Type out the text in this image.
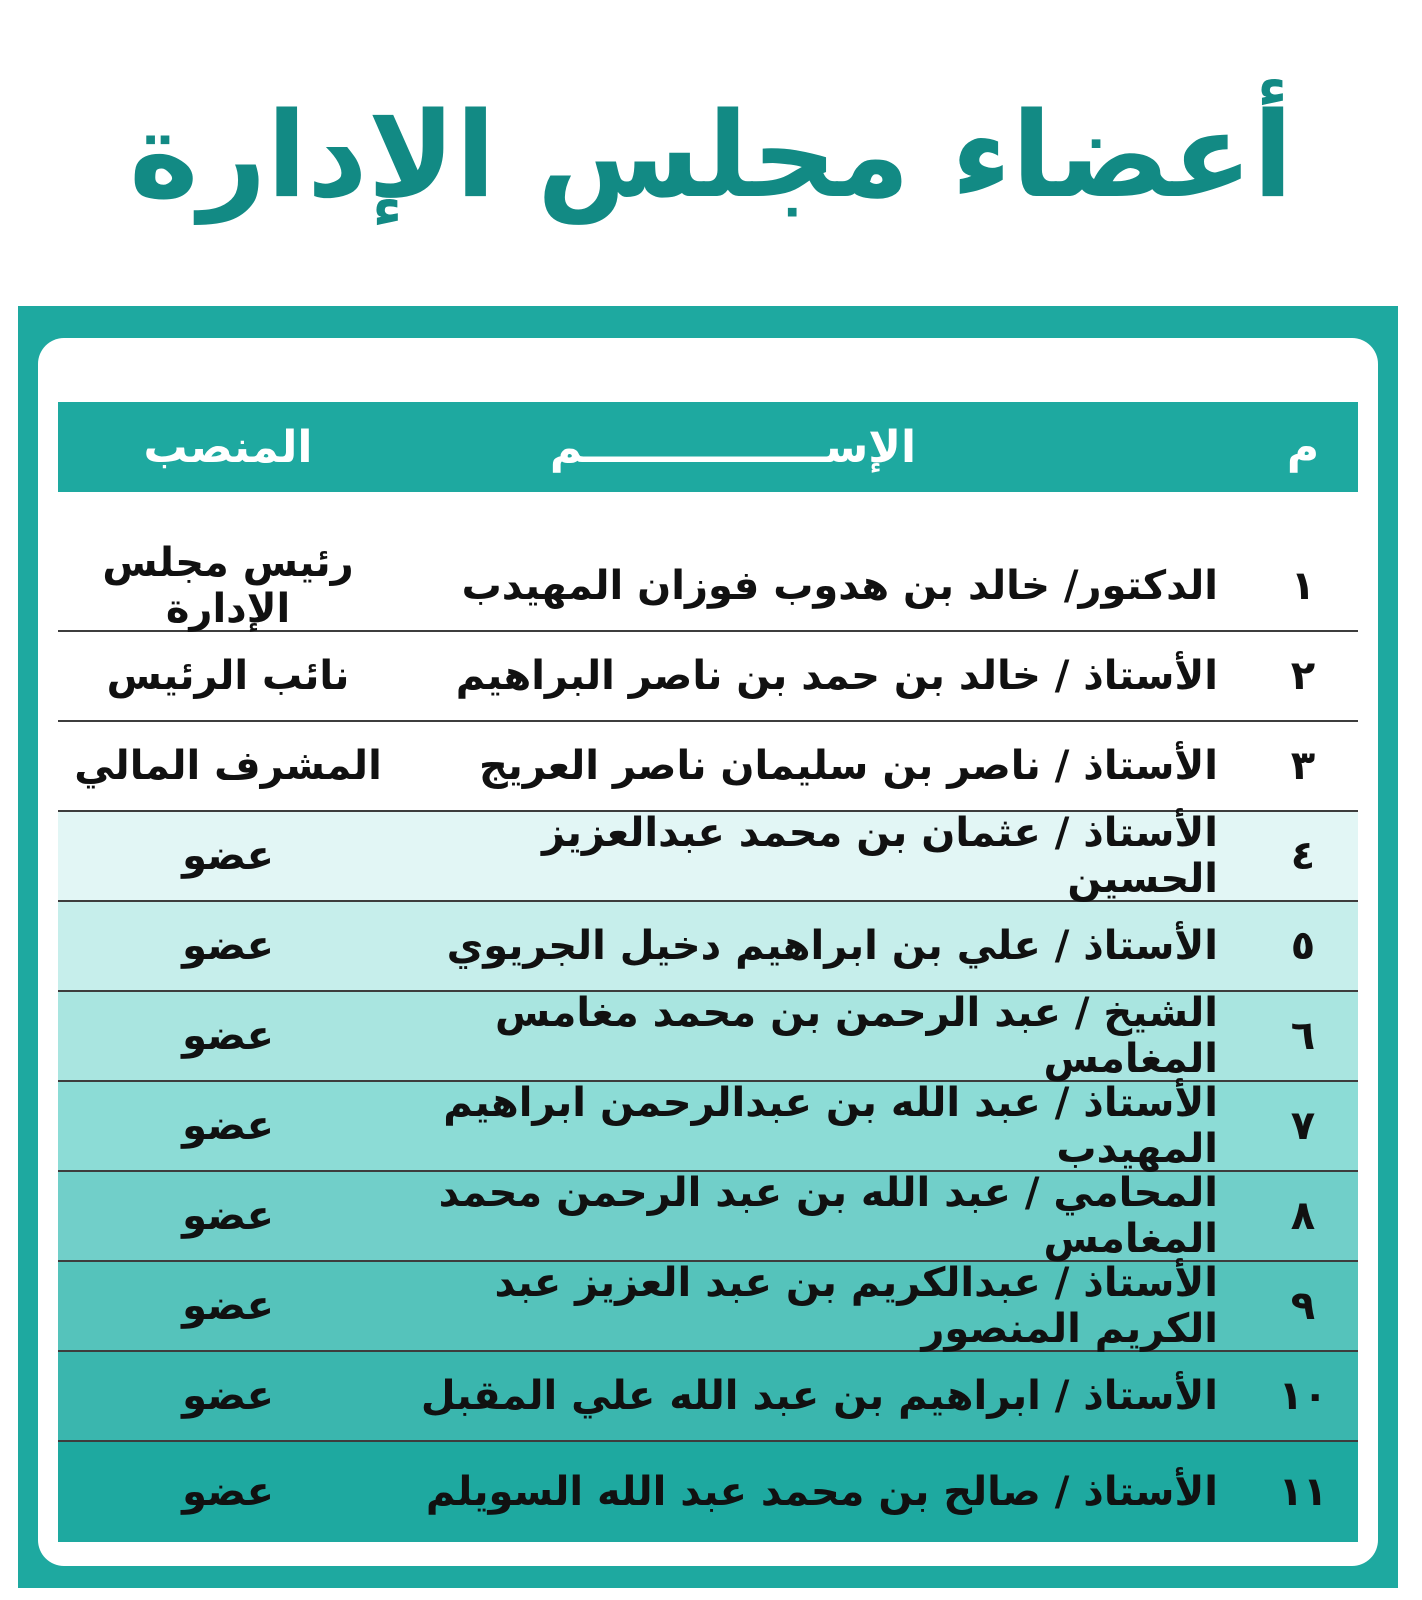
أعضاء مجلس الإدارة
م
الإســــــــــــــــم
المنصب
١
الدكتور/ خالد بن هدوب فوزان المهيدب
رئيس مجلس الإدارة
٢
الأستاذ / خالد بن حمد بن ناصر البراهيم
نائب الرئيس
٣
الأستاذ / ناصر بن سليمان ناصر العريج
المشرف المالي
٤
الأستاذ / عثمان بن محمد عبدالعزيز الحسين
عضو
٥
الأستاذ / علي بن ابراهيم دخيل الجريوي
عضو
٦
الشيخ / عبد الرحمن بن محمد مغامس المغامس
عضو
٧
الأستاذ / عبد الله بن عبدالرحمن ابراهيم المهيدب
عضو
٨
المحامي / عبد الله بن عبد الرحمن محمد المغامس
عضو
٩
الأستاذ / عبدالكريم بن عبد العزيز عبد الكريم المنصور
عضو
١٠
الأستاذ / ابراهيم بن عبد الله علي المقبل
عضو
١١
الأستاذ / صالح بن محمد عبد الله السويلم
عضو
